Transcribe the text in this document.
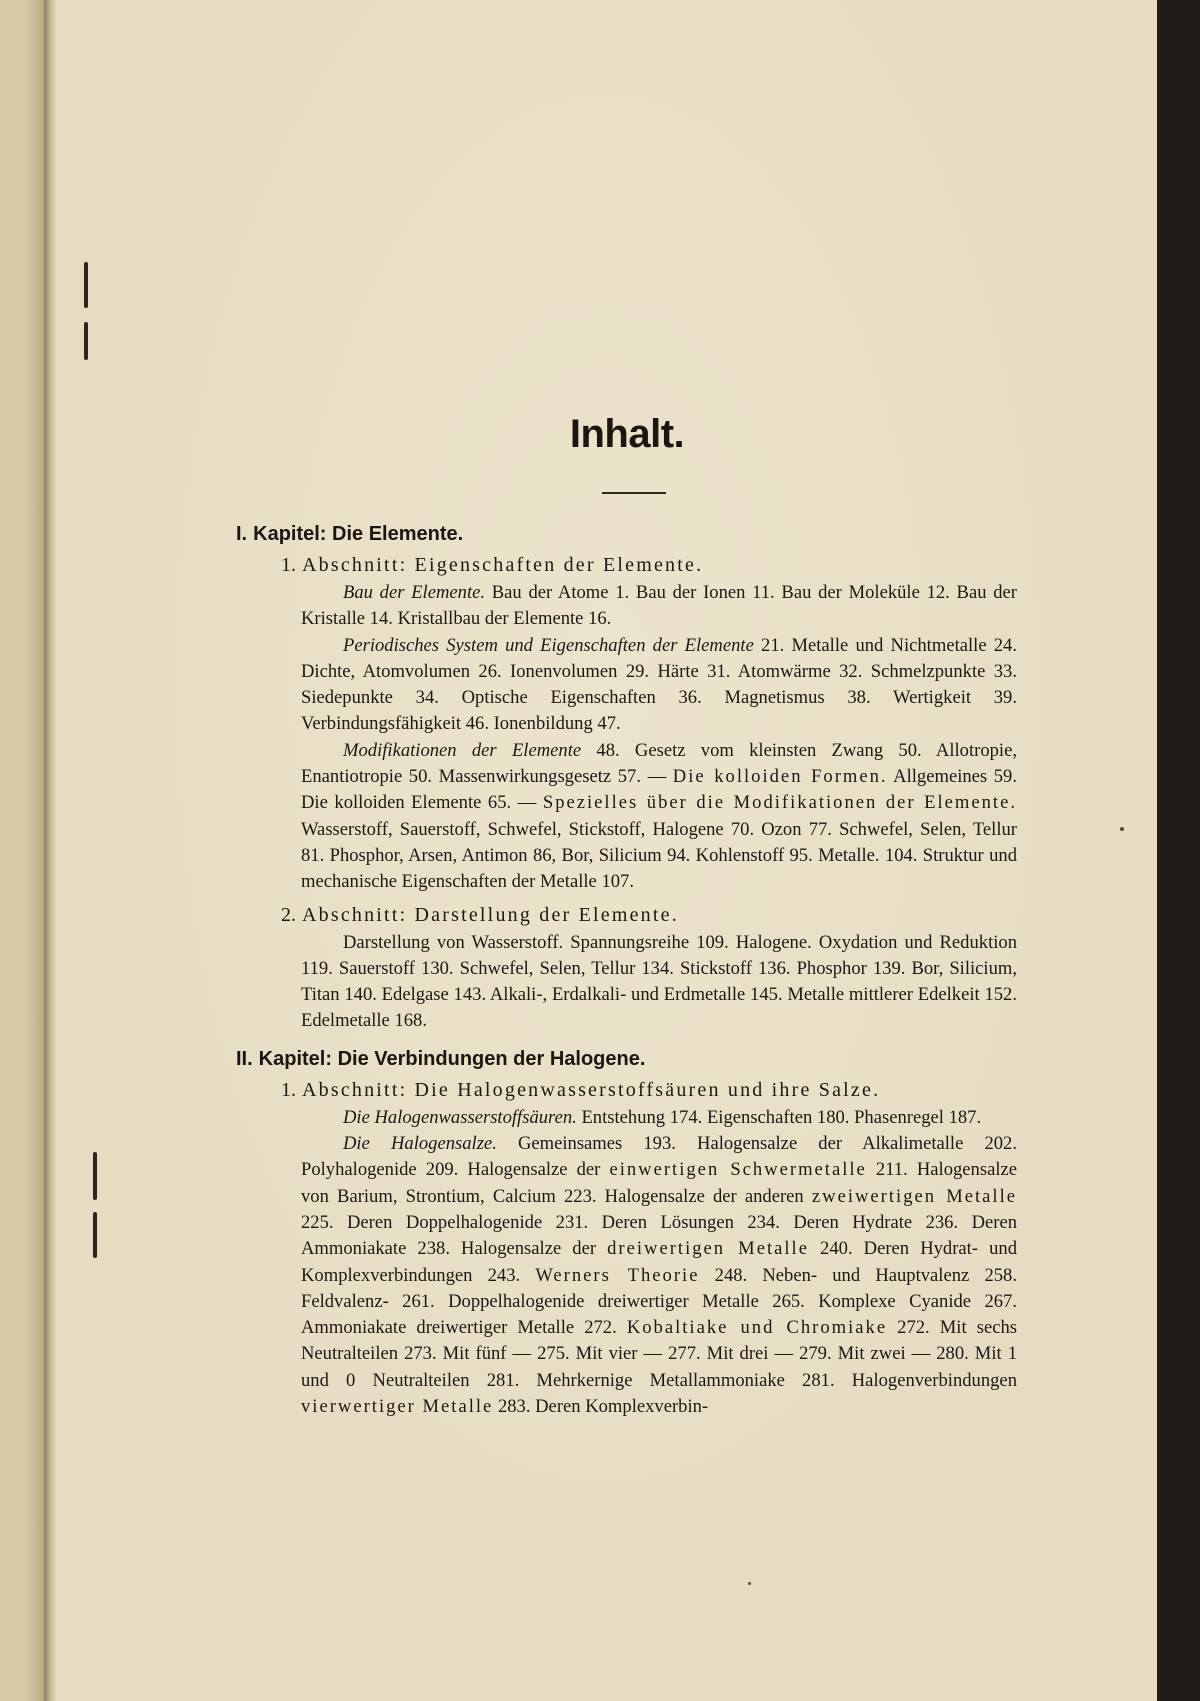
Inhalt.
I. Kapitel: Die Elemente.
1. Abschnitt: Eigenschaften der Elemente.

Bau der Elemente. Bau der Atome 1. Bau der Ionen 11. Bau der Moleküle 12. Bau der Kristalle 14. Kristallbau der Elemente 16.

Periodisches System und Eigenschaften der Elemente 21. Metalle und Nichtmetalle 24. Dichte, Atomvolumen 26. Ionenvolumen 29. Härte 31. Atomwärme 32. Schmelzpunkte 33. Siedepunkte 34. Optische Eigenschaften 36. Magnetismus 38. Wertigkeit 39. Verbindungsfähigkeit 46. Ionenbildung 47.

Modifikationen der Elemente 48. Gesetz vom kleinsten Zwang 50. Allotropie, Enantiotropie 50. Massenwirkungsgesetz 57. — Die kolloiden Formen. Allgemeines 59. Die kolloiden Elemente 65. — Spezielles über die Modifikationen der Elemente. Wasserstoff, Sauerstoff, Schwefel, Stickstoff, Halogene 70. Ozon 77. Schwefel, Selen, Tellur 81. Phosphor, Arsen, Antimon 86, Bor, Silicium 94. Kohlenstoff 95. Metalle. 104. Struktur und mechanische Eigenschaften der Metalle 107.

2. Abschnitt: Darstellung der Elemente.

Darstellung von Wasserstoff. Spannungsreihe 109. Halogene. Oxydation und Reduktion 119. Sauerstoff 130. Schwefel, Selen, Tellur 134. Stickstoff 136. Phosphor 139. Bor, Silicium, Titan 140. Edelgase 143. Alkali-, Erdalkali- und Erdmetalle 145. Metalle mittlerer Edelkeit 152. Edelmetalle 168.

II. Kapitel: Die Verbindungen der Halogene.
1. Abschnitt: Die Halogenwasserstoffsäuren und ihre Salze.

Die Halogenwasserstoffsäuren. Entstehung 174. Eigenschaften 180. Phasenregel 187.

Die Halogensalze. Gemeinsames 193. Halogensalze der Alkalimetalle 202. Polyhalogenide 209. Halogensalze der einwertigen Schwermetalle 211. Halogensalze von Barium, Strontium, Calcium 223. Halogensalze der anderen zweiwertigen Metalle 225. Deren Doppelhalogenide 231. Deren Lösungen 234. Deren Hydrate 236. Deren Ammoniakate 238. Halogensalze der dreiwertigen Metalle 240. Deren Hydrat- und Komplexverbindungen 243. Werners Theorie 248. Neben- und Hauptvalenz 258. Feldvalenz- 261. Doppelhalogenide dreiwertiger Metalle 265. Komplexe Cyanide 267. Ammoniakate dreiwertiger Metalle 272. Kobaltiake und Chromiake 272. Mit sechs Neutralteilen 273. Mit fünf — 275. Mit vier — 277. Mit drei — 279. Mit zwei — 280. Mit 1 und 0 Neutralteilen 281. Mehrkernige Metallammoniake 281. Halogenverbindungen vierwertiger Metalle 283. Deren Komplexverbin-
